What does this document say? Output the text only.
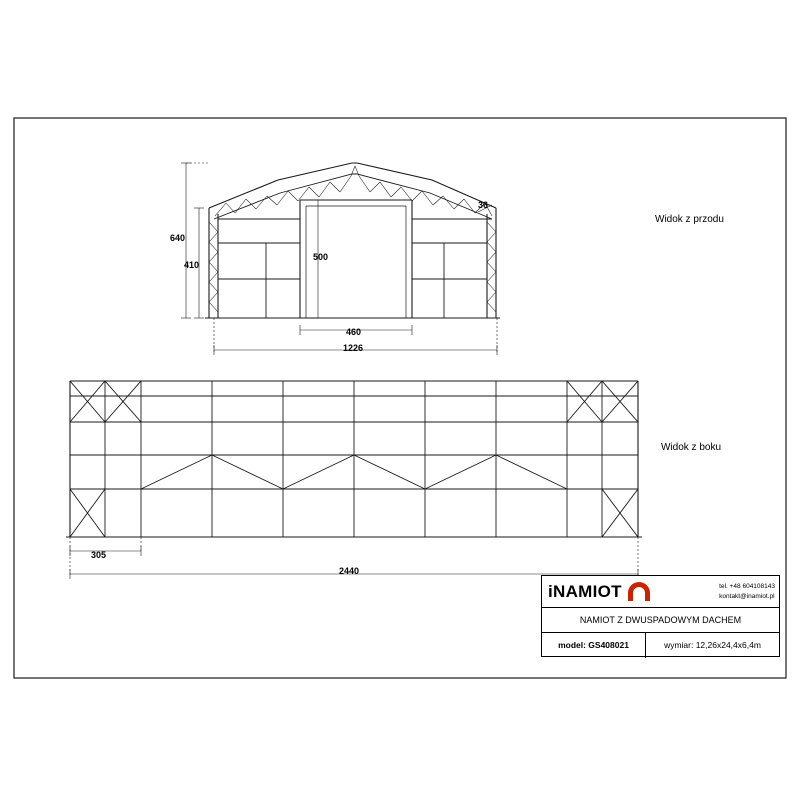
640
410
500
460
1226
36
305
2440
Widok z przodu
Widok z boku
iNAMIOT	tel. +48 604108143
kontakt@inamiot.pl
NAMIOT Z DWUSPADOWYM DACHEM
model: GS408021	wymiar: 12,26x24,4x6,4m
